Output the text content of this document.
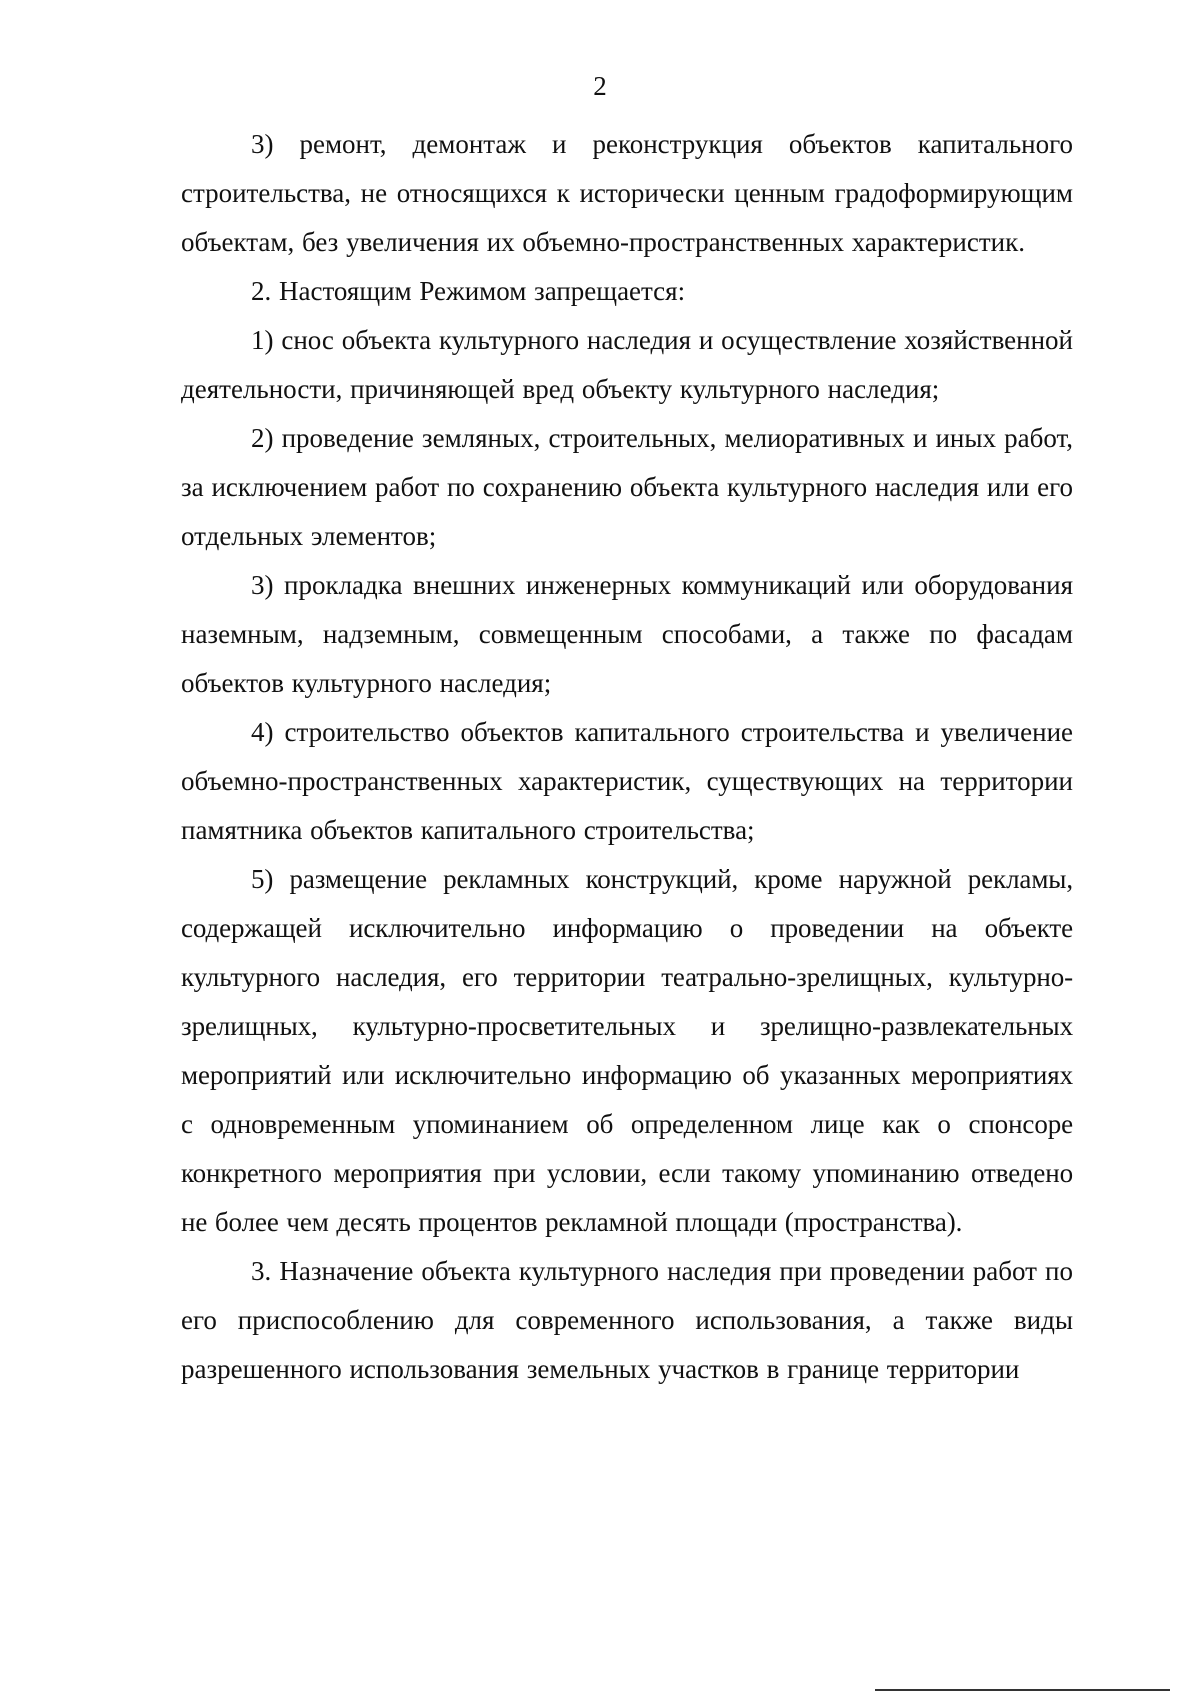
2

3) ремонт, демонтаж и реконструкция объектов капитального строительства, не относящихся к исторически ценным градоформирующим объектам, без увеличения их объемно-пространственных характеристик.

2. Настоящим Режимом запрещается:

1) снос объекта культурного наследия и осуществление хозяйственной деятельности, причиняющей вред объекту культурного наследия;

2) проведение земляных, строительных, мелиоративных и иных работ, за исключением работ по сохранению объекта культурного наследия или его отдельных элементов;

3) прокладка внешних инженерных коммуникаций или оборудования наземным, надземным, совмещенным способами, а также по фасадам объектов культурного наследия;

4) строительство объектов капитального строительства и увеличение объемно-пространственных характеристик, существующих на территории памятника объектов капитального строительства;

5) размещение рекламных конструкций, кроме наружной рекламы, содержащей исключительно информацию о проведении на объекте культурного наследия, его территории театрально-зрелищных, культурно-зрелищных, культурно-просветительных и зрелищно-развлекательных мероприятий или исключительно информацию об указанных мероприятиях с одновременным упоминанием об определенном лице как о спонсоре конкретного мероприятия при условии, если такому упоминанию отведено не более чем десять процентов рекламной площади (пространства).

3. Назначение объекта культурного наследия при проведении работ по его приспособлению для современного использования, а также виды разрешенного использования земельных участков в границе территории
